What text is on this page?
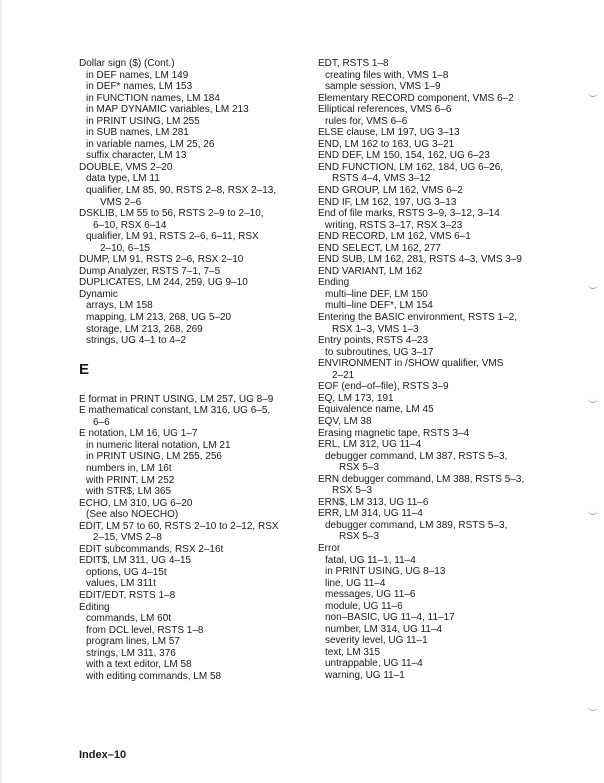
Dollar sign ($) (Cont.)
in DEF names, LM 149
in DEF* names, LM 153
in FUNCTION names, LM 184
in MAP DYNAMIC variables, LM 213
in PRINT USING, LM 255
in SUB names, LM 281
in variable names, LM 25, 26
suffix character, LM 13
DOUBLE, VMS 2–20
data type, LM 11
qualifier, LM 85, 90, RSTS 2–8, RSX 2–13,
VMS 2–6
DSKLIB, LM 55 to 56, RSTS 2–9 to 2–10,
6–10, RSX 6–14
qualifier, LM 91, RSTS 2–6, 6–11, RSX
2–10, 6–15
DUMP, LM 91, RSTS 2–6, RSX 2–10
Dump Analyzer, RSTS 7–1, 7–5
DUPLICATES, LM 244, 259, UG 9–10
Dynamic
arrays, LM 158
mapping, LM 213, 268, UG 5–20
storage, LM 213, 268, 269
strings, UG 4–1 to 4–2
E
E format in PRINT USING, LM 257, UG 8–9
E mathematical constant, LM 316, UG 6–5,
6–6
E notation, LM 16, UG 1–7
in numeric literal notation, LM 21
in PRINT USING, LM 255, 256
numbers in, LM 16t
with PRINT, LM 252
with STR$, LM 365
ECHO, LM 310, UG 6–20
(See also NOECHO)
EDIT, LM 57 to 60, RSTS 2–10 to 2–12, RSX
2–15, VMS 2–8
EDIT subcommands, RSX 2–16t
EDIT$, LM 311, UG 4–15
options, UG 4–15t
values, LM 311t
EDIT/EDT, RSTS 1–8
Editing
commands, LM 60t
from DCL level, RSTS 1–8
program lines, LM 57
strings, LM 311, 376
with a text editor, LM 58
with editing commands, LM 58
EDT, RSTS 1–8
creating files with, VMS 1–8
sample session, VMS 1–9
Elementary RECORD component, VMS 6–2
Elliptical references, VMS 6–6
rules for, VMS 6–6
ELSE clause, LM 197, UG 3–13
END, LM 162 to 163, UG 3–21
END DEF, LM 150, 154, 162, UG 6–23
END FUNCTION, LM 162, 184, UG 6–26,
RSTS 4–4, VMS 3–12
END GROUP, LM 162, VMS 6–2
END IF, LM 162, 197, UG 3–13
End of file marks, RSTS 3–9, 3–12, 3–14
writing, RSTS 3–17, RSX 3–23
END RECORD, LM 162, VMS 6–1
END SELECT, LM 162, 277
END SUB, LM 162, 281, RSTS 4–3, VMS 3–9
END VARIANT, LM 162
Ending
multi–line DEF, LM 150
multi–line DEF*, LM 154
Entering the BASIC environment, RSTS 1–2,
RSX 1–3, VMS 1–3
Entry points, RSTS 4–23
to subroutines, UG 3–17
ENVIRONMENT in /SHOW qualifier, VMS
2–21
EOF (end–of–file), RSTS 3–9
EQ, LM 173, 191
Equivalence name, LM 45
EQV, LM 38
Erasing magnetic tape, RSTS 3–4
ERL, LM 312, UG 11–4
debugger command, LM 387, RSTS 5–3,
RSX 5–3
ERN debugger command, LM 388, RSTS 5–3,
RSX 5–3
ERN$, LM 313, UG 11–6
ERR, LM 314, UG 11–4
debugger command, LM 389, RSTS 5–3,
RSX 5–3
Error
fatal, UG 11–1, 11–4
in PRINT USING, UG 8–13
line, UG 11–4
messages, UG 11–6
module, UG 11–6
non–BASIC, UG 11–4, 11–17
number, LM 314, UG 11–4
severity level, UG 11–1
text, LM 315
untrappable, UG 11–4
warning, UG 11–1
Index–10
